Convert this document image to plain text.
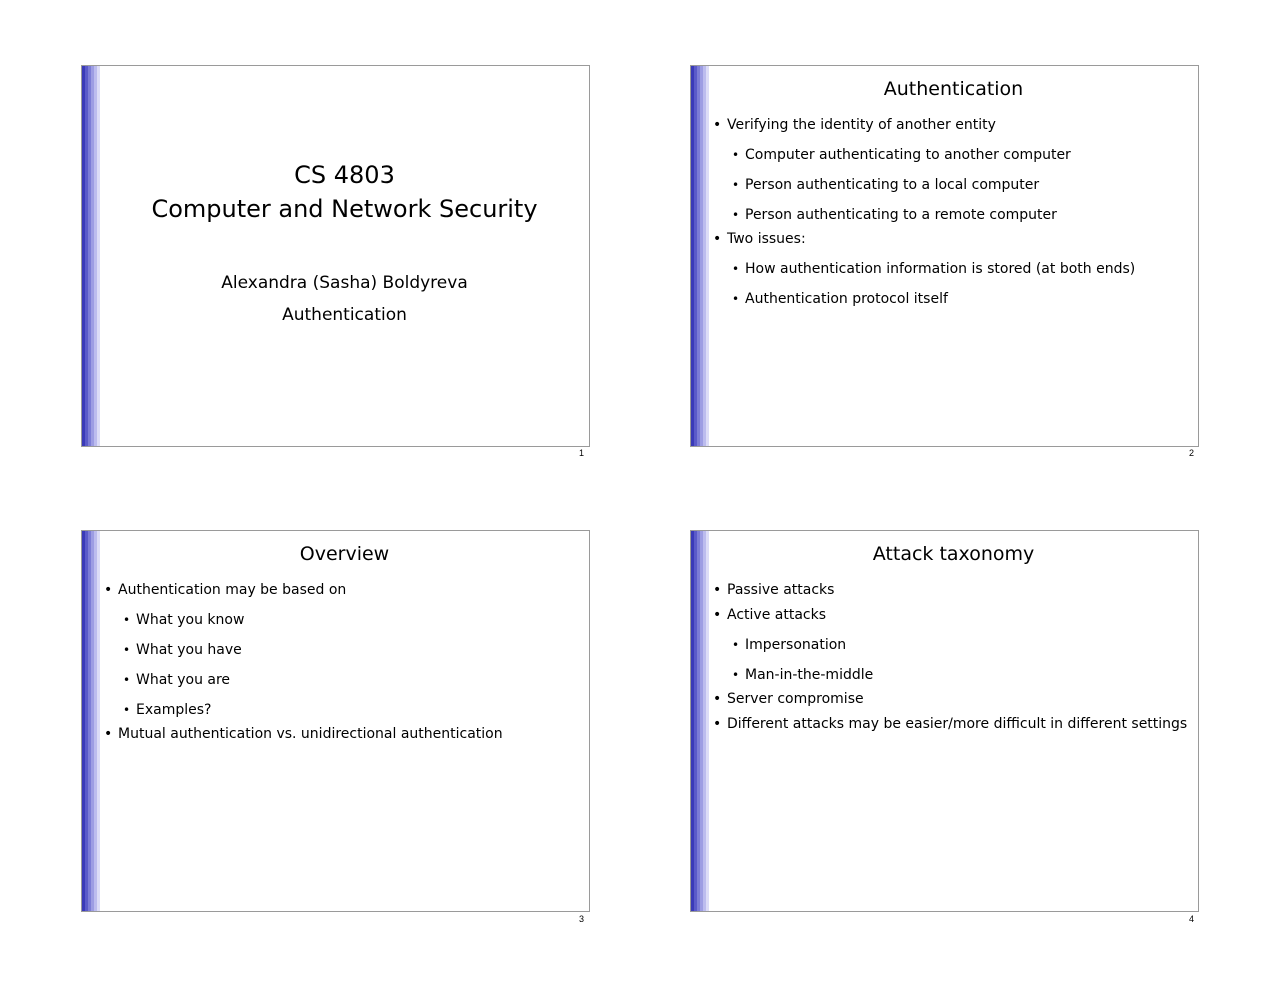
CS 4803
Computer and Network Security
Alexandra (Sasha) Boldyreva
Authentication
1
Authentication
• Verifying the identity of another entity
• Computer authenticating to another computer
• Person authenticating to a local computer
• Person authenticating to a remote computer
• Two issues:
• How authentication information is stored (at both ends)
• Authentication protocol itself
2
Overview
• Authentication may be based on
• What you know
• What you have
• What you are
• Examples?
• Mutual authentication vs. unidirectional authentication
3
Attack taxonomy
• Passive attacks
• Active attacks
• Impersonation
• Man-in-the-middle
• Server compromise
• Different attacks may be easier/more difficult in different settings
4
